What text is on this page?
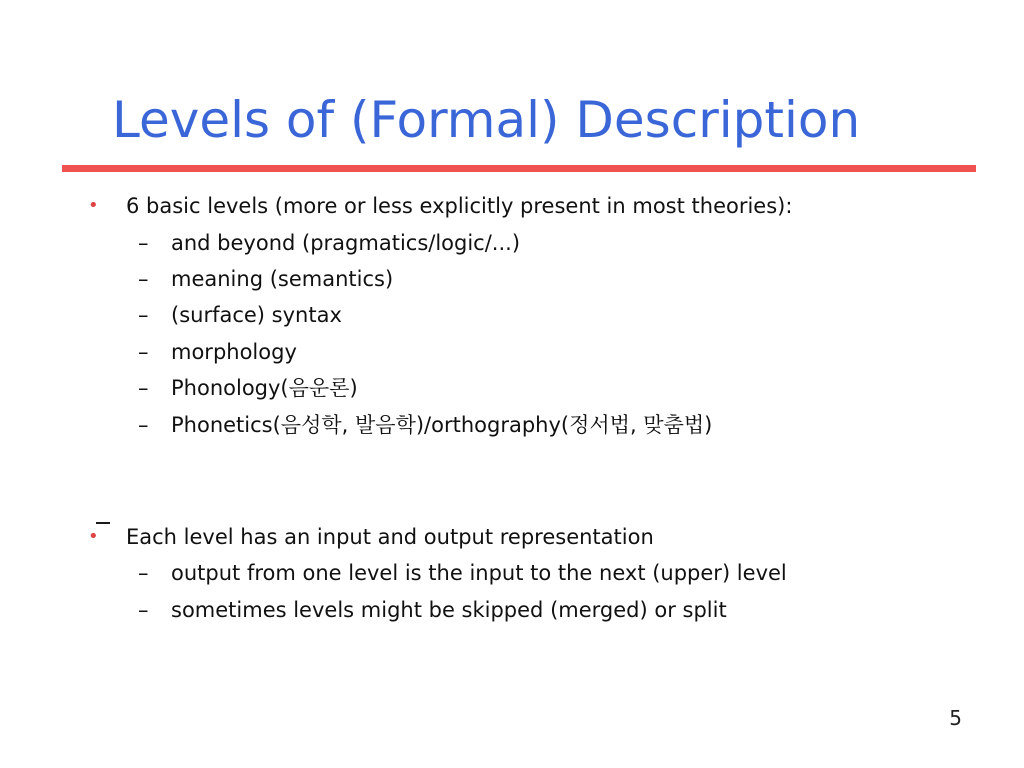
Levels of (Formal) Description
•	6 basic levels (more or less explicitly present in most theories):
–	and beyond (pragmatics/logic/...)
–	meaning (semantics)
–	(surface) syntax
–	morphology
–	Phonology(음운론)
–	Phonetics(음성학, 발음학)/orthography(정서법, 맞춤법)
•	Each level has an input and output representation
–	output from one level is the input to the next (upper) level
–	sometimes levels might be skipped (merged) or split
5
